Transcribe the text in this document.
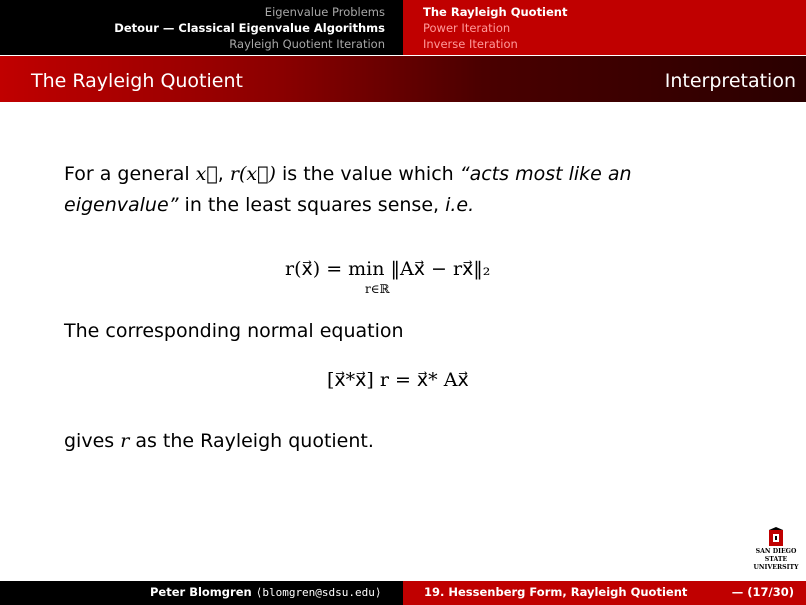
Eigenvalue Problems
Detour — Classical Eigenvalue Algorithms
Rayleigh Quotient Iteration
The Rayleigh Quotient
Power Iteration
Inverse Iteration
The Rayleigh Quotient	Interpretation
For a general x⃗, r(x⃗) is the value which “acts most like an eigenvalue” in the least squares sense, i.e.
r(x⃗) = min ‖Ax⃗ − rx⃗‖₂
r∈ℝ
The corresponding normal equation
[x⃗*x⃗] r = x⃗* Ax⃗
gives r as the Rayleigh quotient.
SAN DIEGO STATE
UNIVERSITY
Peter Blomgren ⟨blomgren@sdsu.edu⟩	19. Hessenberg Form, Rayleigh Quotient	— (17/30)
